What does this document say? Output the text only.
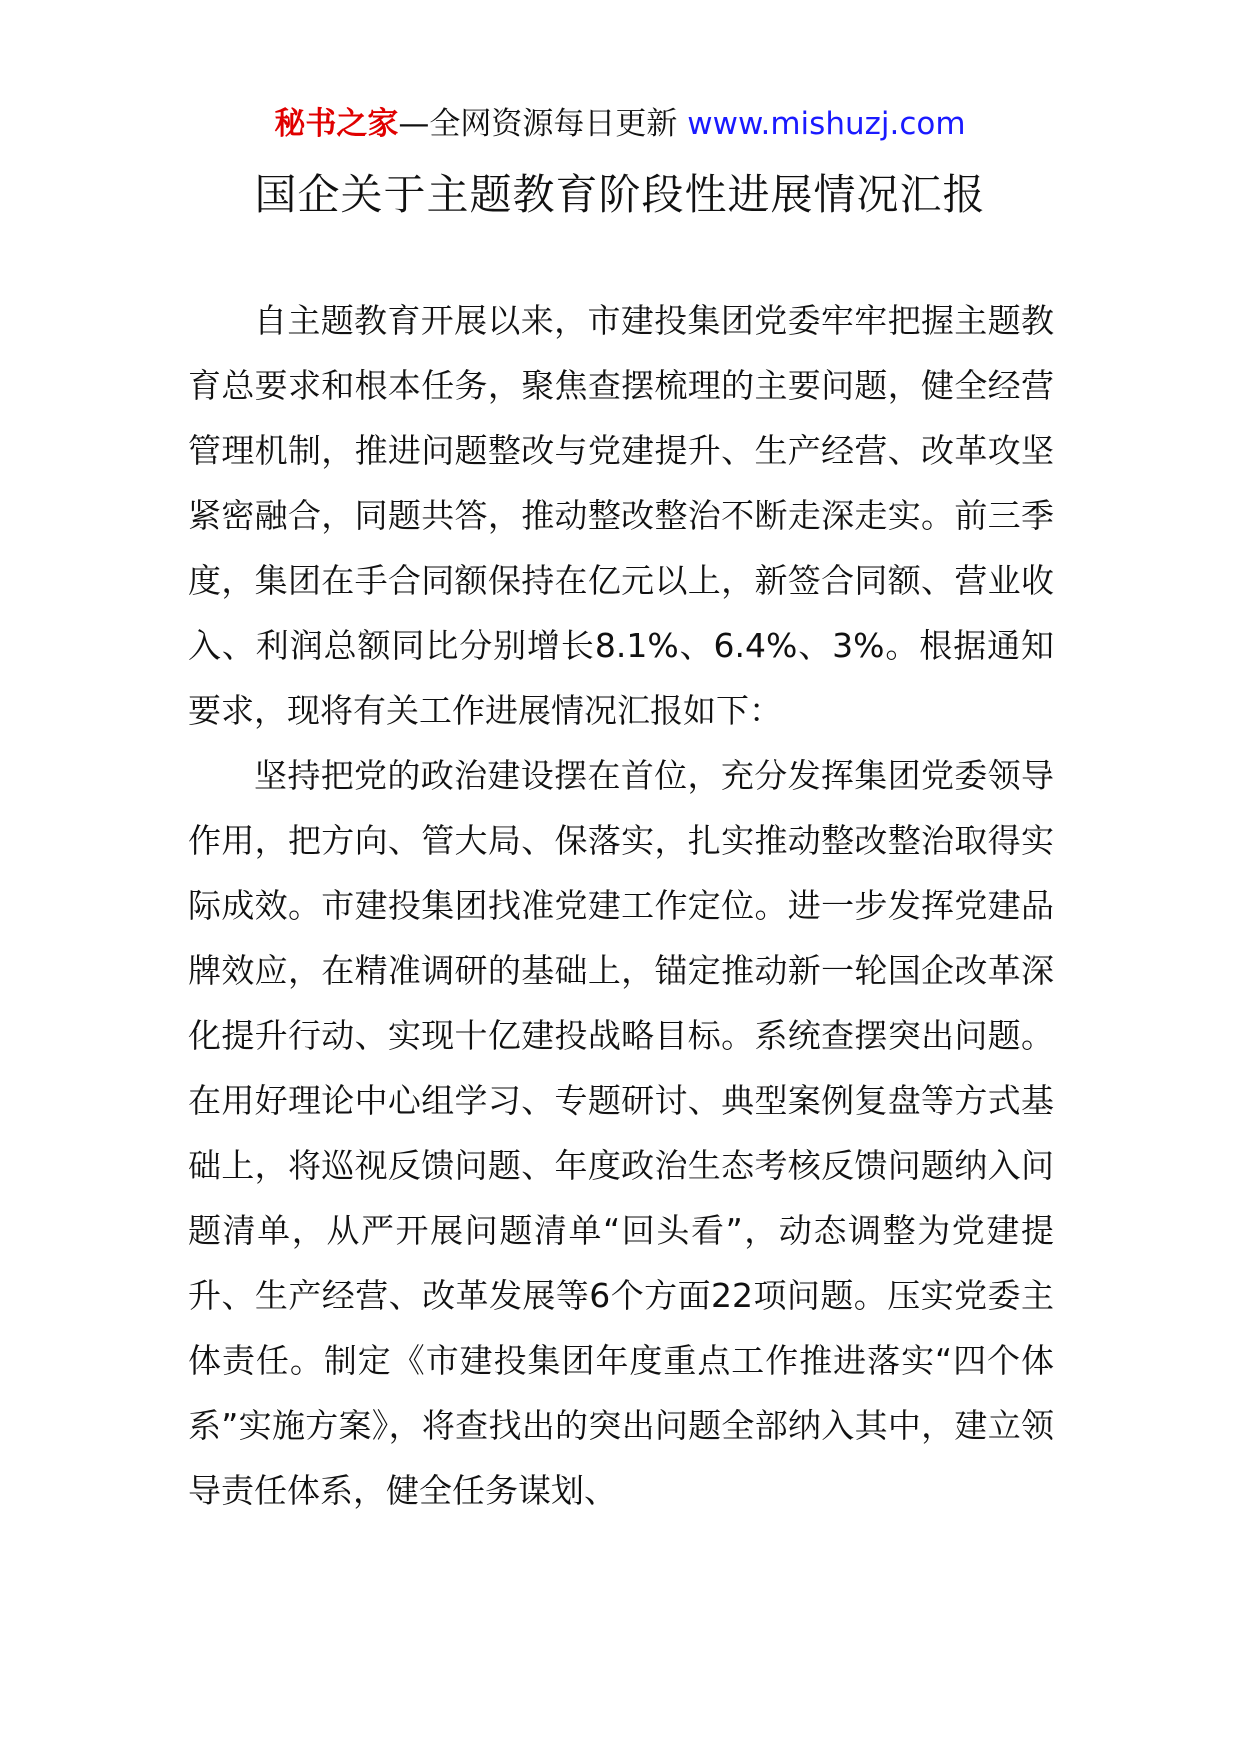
秘书之家—全网资源每日更新 www.mishuzj.com
国企关于主题教育阶段性进展情况汇报

自主题教育开展以来，市建投集团党委牢牢把握主题教育总要求和根本任务，聚焦查摆梳理的主要问题，健全经营管理机制，推进问题整改与党建提升、生产经营、改革攻坚紧密融合，同题共答，推动整改整治不断走深走实。前三季度，集团在手合同额保持在亿元以上，新签合同额、营业收入、利润总额同比分别增长8.1%、6.4%、3%。根据通知要求，现将有关工作进展情况汇报如下：

坚持把党的政治建设摆在首位，充分发挥集团党委领导作用，把方向、管大局、保落实，扎实推动整改整治取得实际成效。市建投集团找准党建工作定位。进一步发挥党建品牌效应，在精准调研的基础上，锚定推动新一轮国企改革深化提升行动、实现十亿建投战略目标。系统查摆突出问题。在用好理论中心组学习、专题研讨、典型案例复盘等方式基础上，将巡视反馈问题、年度政治生态考核反馈问题纳入问题清单，从严开展问题清单“回头看”，动态调整为党建提升、生产经营、改革发展等6个方面22项问题。压实党委主体责任。制定《市建投集团年度重点工作推进落实“四个体系”实施方案》，将查找出的突出问题全部纳入其中，建立领导责任体系，健全任务谋划、
